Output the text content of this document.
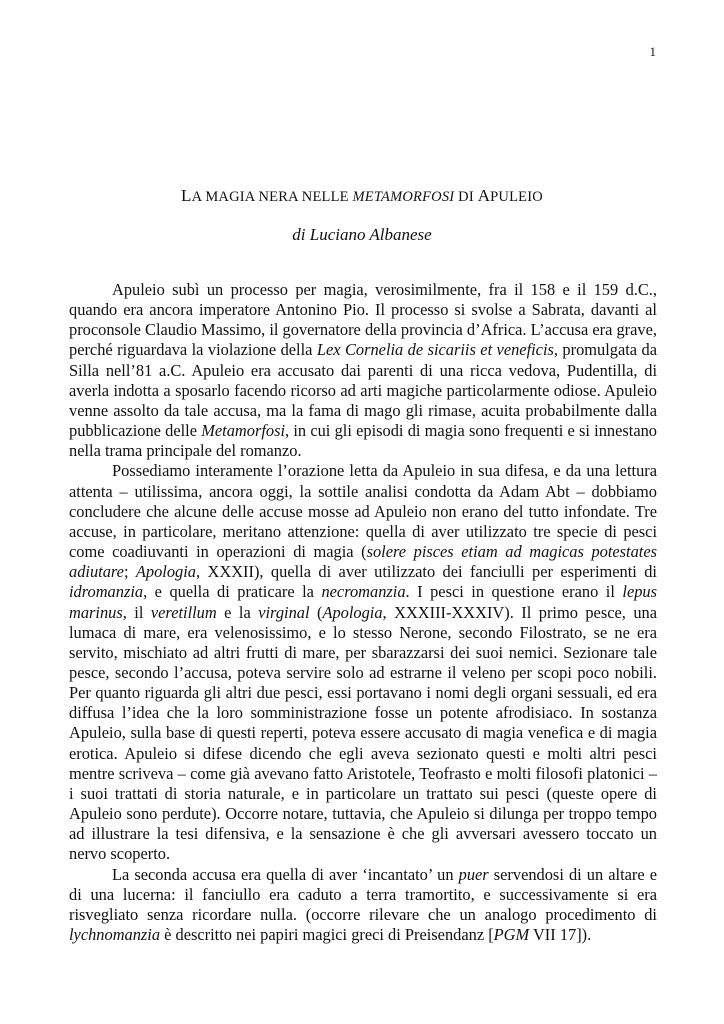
1
LA MAGIA NERA NELLE METAMORFOSI DI APULEIO
di Luciano Albanese

Apuleio subì un processo per magia, verosimilmente, fra il 158 e il 159 d.C., quando era ancora imperatore Antonino Pio. Il processo si svolse a Sabrata, davanti al proconsole Claudio Massimo, il governatore della provincia d’Africa. L’accusa era grave, perché riguardava la violazione della Lex Cornelia de sicariis et veneficis, promulgata da Silla nell’81 a.C. Apuleio era accusato dai parenti di una ricca vedova, Pudentilla, di averla indotta a sposarlo facendo ricorso ad arti magiche particolarmente odiose. Apuleio venne assolto da tale accusa, ma la fama di mago gli rimase, acuita probabilmente dalla pubblicazione delle Metamorfosi, in cui gli episodi di magia sono frequenti e si innestano nella trama principale del romanzo.

Possediamo interamente l’orazione letta da Apuleio in sua difesa, e da una lettura attenta – utilissima, ancora oggi, la sottile analisi condotta da Adam Abt – dobbiamo concludere che alcune delle accuse mosse ad Apuleio non erano del tutto infondate. Tre accuse, in particolare, meritano attenzione: quella di aver utilizzato tre specie di pesci come coadiuvanti in operazioni di magia (solere pisces etiam ad magicas potestates adiutare; Apologia, XXXII), quella di aver utilizzato dei fanciulli per esperimenti di idromanzia, e quella di praticare la necromanzia. I pesci in questione erano il lepus marinus, il veretillum e la virginal (Apologia, XXXIII-XXXIV). Il primo pesce, una lumaca di mare, era velenosissimo, e lo stesso Nerone, secondo Filostrato, se ne era servito, mischiato ad altri frutti di mare, per sbarazzarsi dei suoi nemici. Sezionare tale pesce, secondo l’accusa, poteva servire solo ad estrarne il veleno per scopi poco nobili. Per quanto riguarda gli altri due pesci, essi portavano i nomi degli organi sessuali, ed era diffusa l’idea che la loro somministrazione fosse un potente afrodisiaco. In sostanza Apuleio, sulla base di questi reperti, poteva essere accusato di magia venefica e di magia erotica. Apuleio si difese dicendo che egli aveva sezionato questi e molti altri pesci mentre scriveva – come già avevano fatto Aristotele, Teofrasto e molti filosofi platonici – i suoi trattati di storia naturale, e in particolare un trattato sui pesci (queste opere di Apuleio sono perdute). Occorre notare, tuttavia, che Apuleio si dilunga per troppo tempo ad illustrare la tesi difensiva, e la sensazione è che gli avversari avessero toccato un nervo scoperto.

La seconda accusa era quella di aver ‘incantato’ un puer servendosi di un altare e di una lucerna: il fanciullo era caduto a terra tramortito, e successivamente si era risvegliato senza ricordare nulla. (occorre rilevare che un analogo procedimento di lychnomanzia è descritto nei papiri magici greci di Preisendanz [PGM VII 17]).
